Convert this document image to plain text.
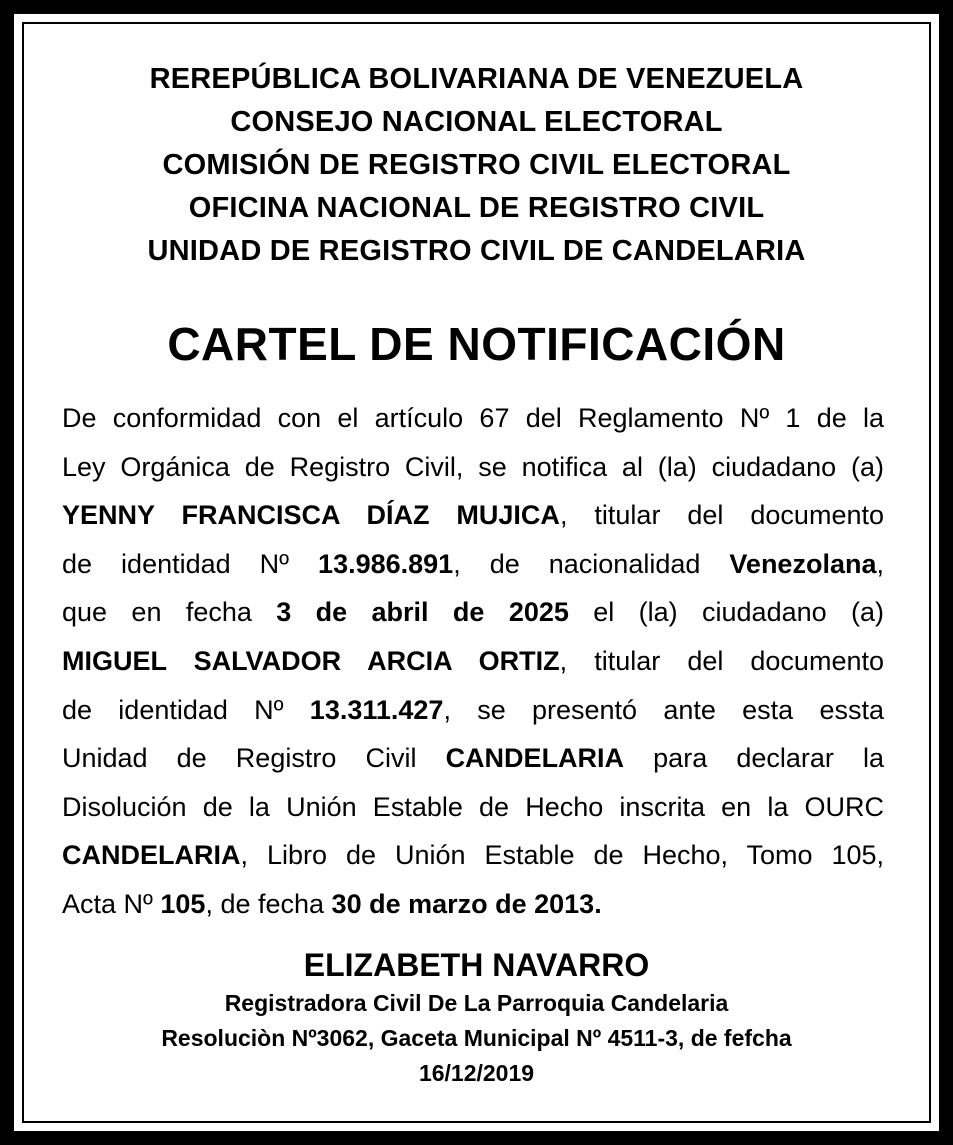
REREPÚBLICA BOLIVARIANA DE VENEZUELA
CONSEJO NACIONAL ELECTORAL
COMISIÓN DE REGISTRO CIVIL ELECTORAL
OFICINA NACIONAL DE REGISTRO CIVIL
UNIDAD DE REGISTRO CIVIL DE CANDELARIA
CARTEL DE NOTIFICACIÓN
De conformidad con el artículo 67 del Reglamento Nº 1 de la
Ley Orgánica de Registro Civil, se notifica al (la) ciudadano (a)
YENNY FRANCISCA DÍAZ MUJICA, titular del documento
de identidad Nº 13.986.891, de nacionalidad Venezolana,
que en fecha 3 de abril de 2025 el (la) ciudadano (a)
MIGUEL SALVADOR ARCIA ORTIZ, titular del documento
de identidad Nº 13.311.427, se presentó ante esta essta
Unidad de Registro Civil CANDELARIA para declarar la
Disolución de la Unión Estable de Hecho inscrita en la OURC
CANDELARIA, Libro de Unión Estable de Hecho, Tomo 105,
Acta Nº 105, de fecha 30 de marzo de 2013.
ELIZABETH NAVARRO
Registradora Civil De La Parroquia Candelaria
Resoluciòn Nº3062, Gaceta Municipal Nº 4511-3, de fefcha
16/12/2019
